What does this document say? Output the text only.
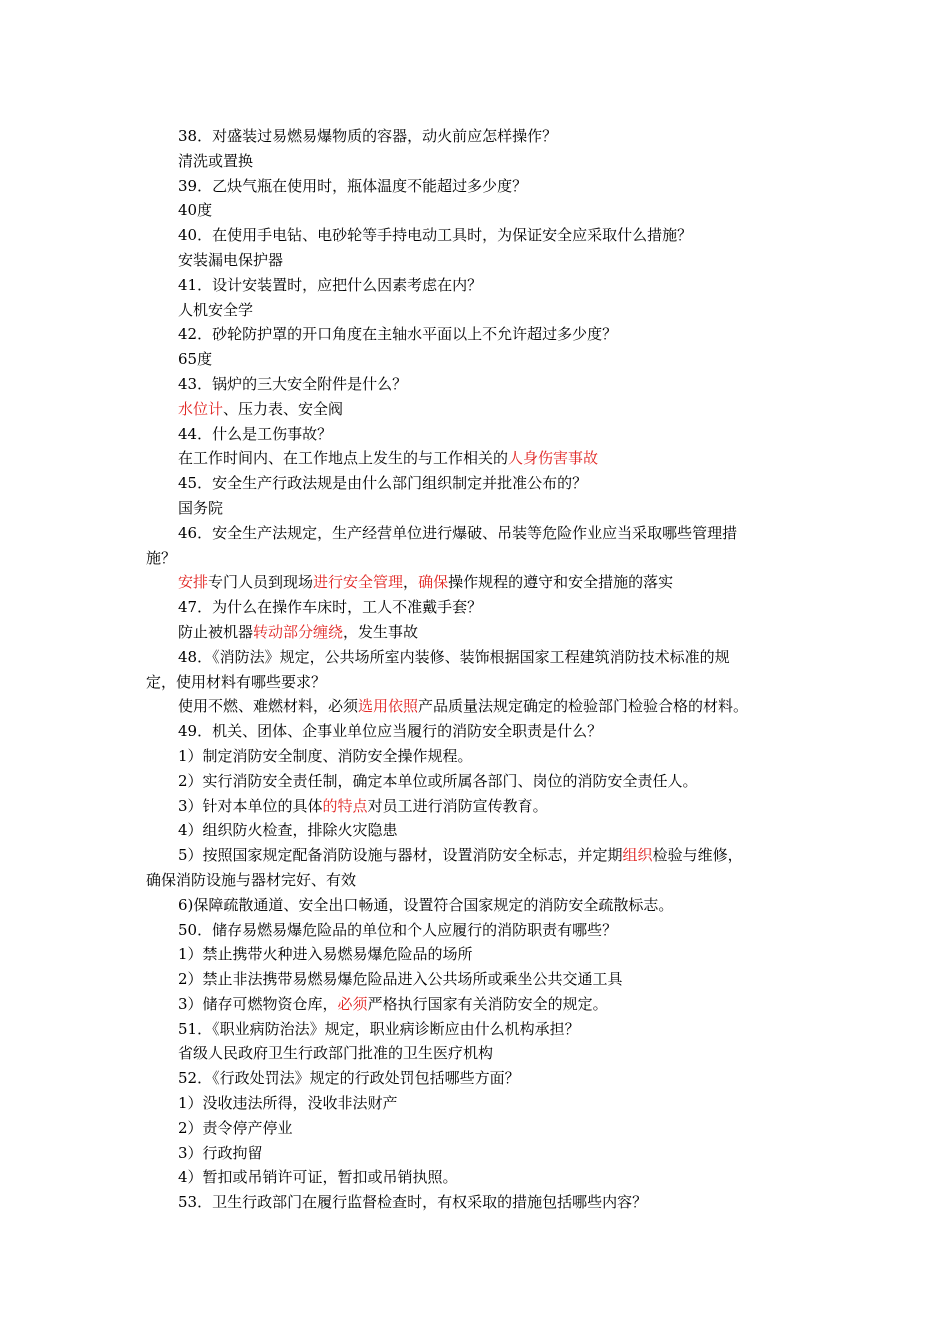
38．对盛装过易燃易爆物质的容器，动火前应怎样操作？
清洗或置换
39．乙炔气瓶在使用时，瓶体温度不能超过多少度？
40度
40．在使用手电钻、电砂轮等手持电动工具时，为保证安全应采取什么措施？
安装漏电保护器
41．设计安装置时，应把什么因素考虑在内？
人机安全学
42．砂轮防护罩的开口角度在主轴水平面以上不允许超过多少度？
65度
43．锅炉的三大安全附件是什么？
水位计、压力表、安全阀
44．什么是工伤事故？
在工作时间内、在工作地点上发生的与工作相关的人身伤害事故
45．安全生产行政法规是由什么部门组织制定并批准公布的？
国务院
46．安全生产法规定，生产经营单位进行爆破、吊装等危险作业应当采取哪些管理措
施？
安排专门人员到现场进行安全管理，确保操作规程的遵守和安全措施的落实
47．为什么在操作车床时，工人不准戴手套？
防止被机器转动部分缠绕，发生事故
48．《消防法》规定，公共场所室内装修、装饰根据国家工程建筑消防技术标准的规
定，使用材料有哪些要求？
使用不燃、难燃材料，必须选用依照产品质量法规定确定的检验部门检验合格的材料。
49．机关、团体、企事业单位应当履行的消防安全职责是什么？
1）制定消防安全制度、消防安全操作规程。
2）实行消防安全责任制，确定本单位或所属各部门、岗位的消防安全责任人。
3）针对本单位的具体的特点对员工进行消防宣传教育。
4）组织防火检查，排除火灾隐患
5）按照国家规定配备消防设施与器材，设置消防安全标志，并定期组织检验与维修，
确保消防设施与器材完好、有效
6)保障疏散通道、安全出口畅通，设置符合国家规定的消防安全疏散标志。
50．储存易燃易爆危险品的单位和个人应履行的消防职责有哪些？
1）禁止携带火种进入易燃易爆危险品的场所
2）禁止非法携带易燃易爆危险品进入公共场所或乘坐公共交通工具
3）储存可燃物资仓库，必须严格执行国家有关消防安全的规定。
51．《职业病防治法》规定，职业病诊断应由什么机构承担？
省级人民政府卫生行政部门批准的卫生医疗机构
52．《行政处罚法》规定的行政处罚包括哪些方面？
1）没收违法所得，没收非法财产
2）责令停产停业
3）行政拘留
4）暂扣或吊销许可证，暂扣或吊销执照。
53．卫生行政部门在履行监督检查时，有权采取的措施包括哪些内容？
